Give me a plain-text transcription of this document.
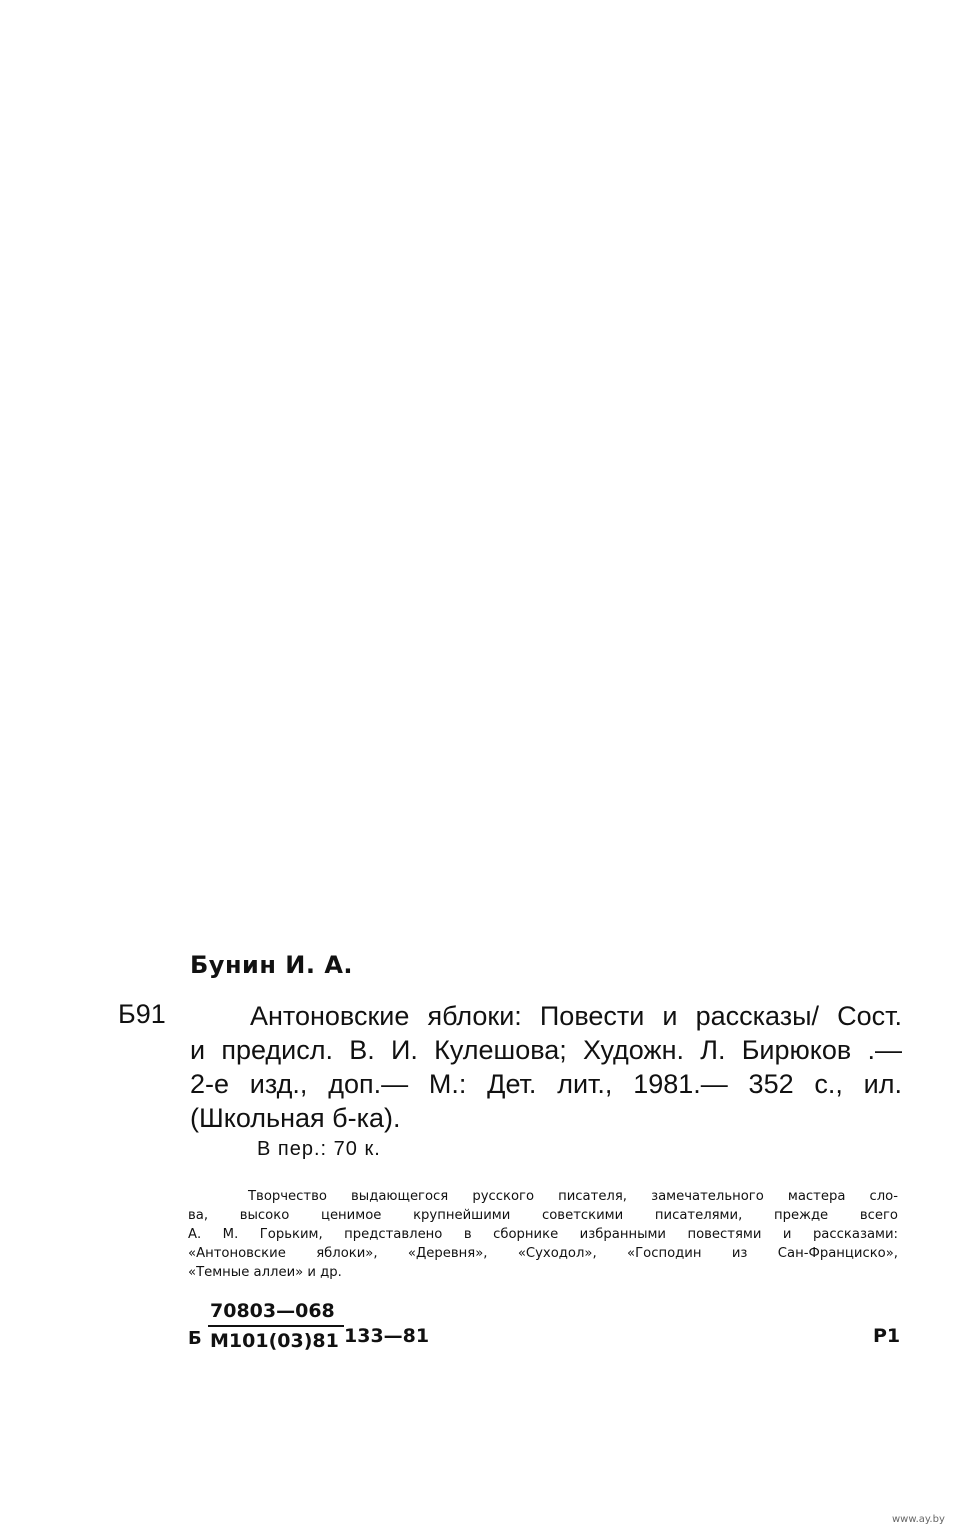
Бунин И. А.
Б91	Антоновские яблоки: Повести и рассказы/ Сост.
и предисл. В. И. Кулешова; Художн. Л. Бирюков .—
2-е изд., доп.— М.: Дет. лит., 1981.— 352 с., ил.
(Школьная б-ка).
В пер.: 70 к.
Творчество выдающегося русского писателя, замечательного мастера сло-
ва, высоко ценимое крупнейшими советскими писателями, прежде всего
А. М. Горьким, представлено в сборнике избранными повестями и рассказами:
«Антоновские яблоки», «Деревня», «Суходол», «Господин из Сан-Франциско»,
«Темные аллеи» и др.
Б
70803—068
М101(03)81 133—81	Р1
www.ay.by
